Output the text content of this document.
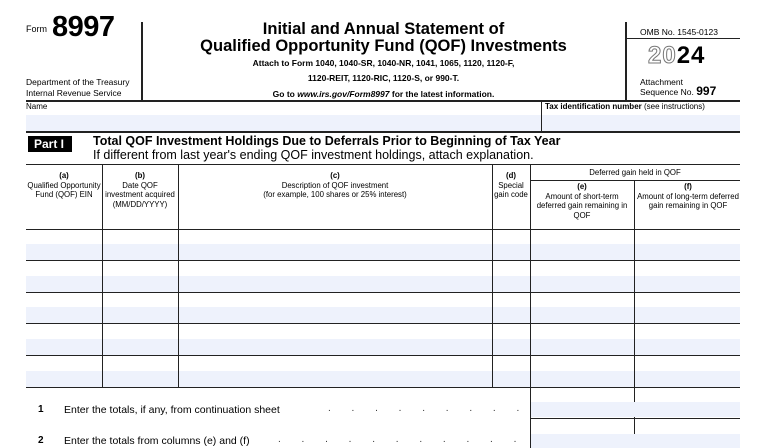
Form 8997
Department of the Treasury
Internal Revenue Service
Initial and Annual Statement of
Qualified Opportunity Fund (QOF) Investments
Attach to Form 1040, 1040-SR, 1040-NR, 1041, 1065, 1120, 1120-F,
1120-REIT, 1120-RIC, 1120-S, or 990-T.
Go to www.irs.gov/Form8997 for the latest information.
OMB No. 1545-0123
2024
Attachment
Sequence No. 997
Name	Tax identification number (see instructions)
Part I	Total QOF Investment Holdings Due to Deferrals Prior to Beginning of Tax Year
If different from last year's ending QOF investment holdings, attach explanation.
(a)
Qualified Opportunity Fund (QOF) EIN
(b)
Date QOF investment acquired (MM/DD/YYYY)
(c)
Description of QOF investment
(for example, 100 shares or 25% interest)
(d)
Special gain code
Deferred gain held in QOF
(e)
Amount of short-term deferred gain remaining in QOF
(f)
Amount of long-term deferred gain remaining in QOF
1 Enter the totals, if any, from continuation sheet	. . . . . . . . .
2 Enter the totals from columns (e) and (f)	. . . . . . . . . . .
